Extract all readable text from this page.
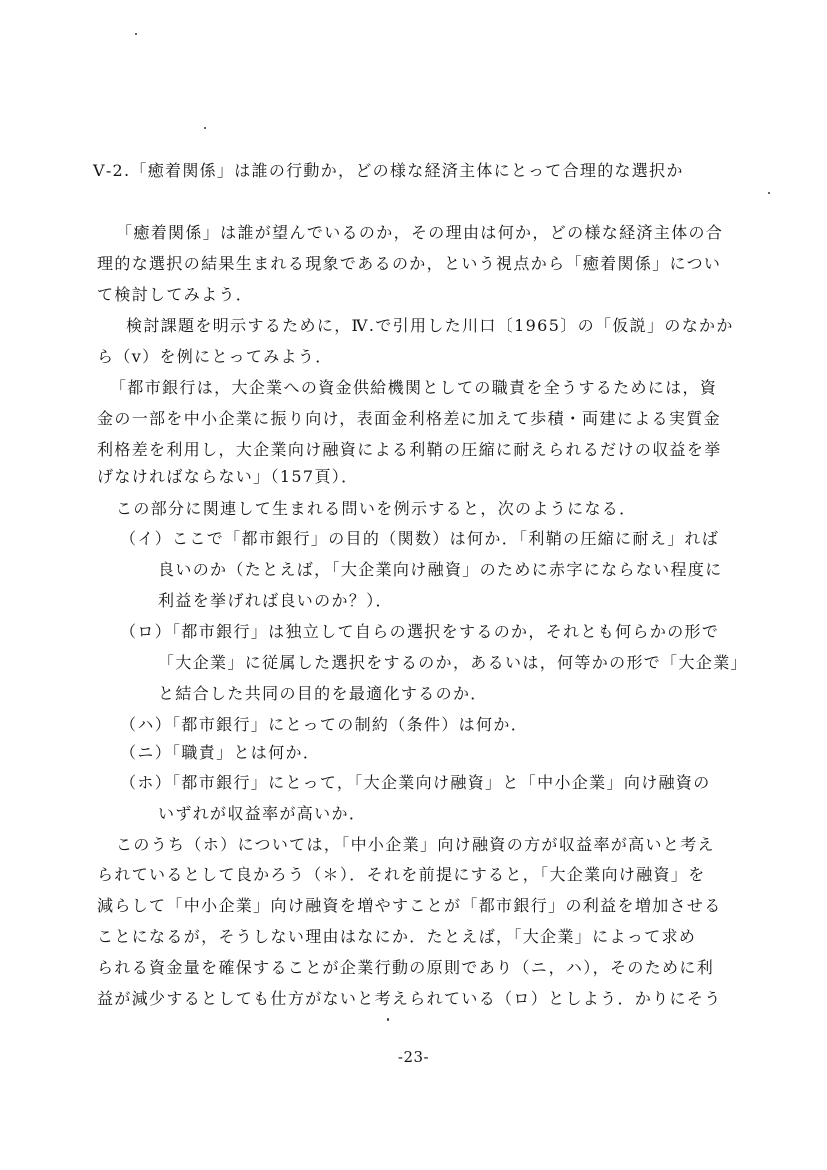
Ⅴ-2.「癒着関係」は誰の行動か，どの様な経済主体にとって合理的な選択か
「癒着関係」は誰が望んでいるのか，その理由は何か，どの様な経済主体の合
理的な選択の結果生まれる現象であるのか，という視点から「癒着関係」につい
て検討してみよう．
検討課題を明示するために，Ⅳ.で引用した川口〔1965〕の「仮説」のなかか
ら（v）を例にとってみよう．
「都市銀行は，大企業への資金供給機関としての職責を全うするためには，資
金の一部を中小企業に振り向け，表面金利格差に加えて歩積・両建による実質金
利格差を利用し，大企業向け融資による利鞘の圧縮に耐えられるだけの収益を挙
げなければならない」（157頁）．
この部分に関連して生まれる問いを例示すると，次のようになる．
（イ）ここで「都市銀行」の目的（関数）は何か．「利鞘の圧縮に耐え」れば
良いのか（たとえば，「大企業向け融資」のために赤字にならない程度に
利益を挙げれば良いのか？）．
（ロ）「都市銀行」は独立して自らの選択をするのか，それとも何らかの形で
「大企業」に従属した選択をするのか，あるいは，何等かの形で「大企業」
と結合した共同の目的を最適化するのか．
（ハ）「都市銀行」にとっての制約（条件）は何か．
（ニ）「職責」とは何か．
（ホ）「都市銀行」にとって，「大企業向け融資」と「中小企業」向け融資の
いずれが収益率が高いか．
このうち（ホ）については，「中小企業」向け融資の方が収益率が高いと考え
られているとして良かろう（＊）．それを前提にすると，「大企業向け融資」を
減らして「中小企業」向け融資を増やすことが「都市銀行」の利益を増加させる
ことになるが，そうしない理由はなにか．たとえば，「大企業」によって求め
られる資金量を確保することが企業行動の原則であり（ニ，ハ），そのために利
益が減少するとしても仕方がないと考えられている（ロ）としよう．かりにそう
-23-
